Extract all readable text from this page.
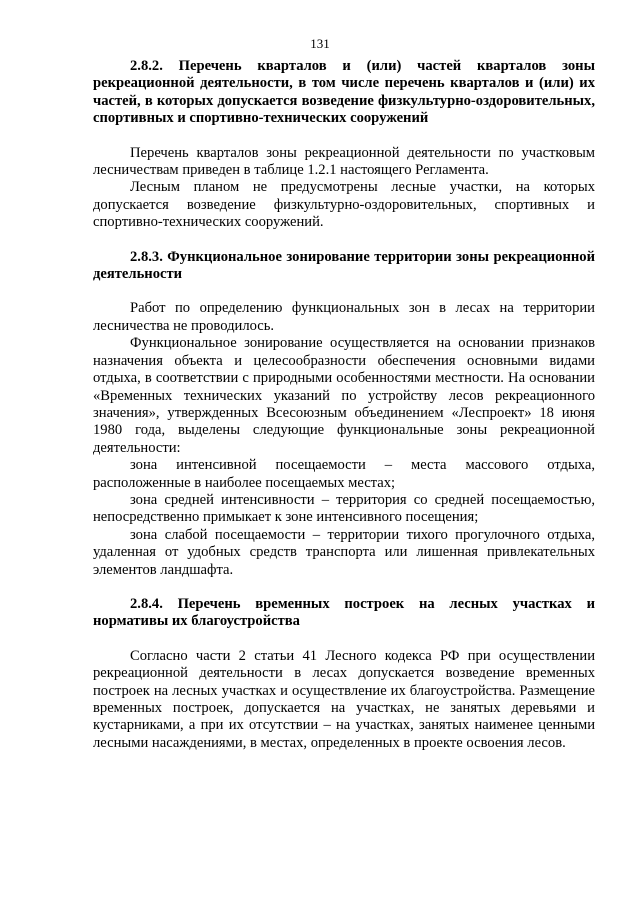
131
2.8.2. Перечень кварталов и (или) частей кварталов зоны рекреационной деятельности, в том числе перечень кварталов и (или) их частей, в которых допускается возведение физкультурно-оздоровительных, спортивных и спортивно-технических сооружений

Перечень кварталов зоны рекреационной деятельности по участковым лесничествам приведен в таблице 1.2.1 настоящего Регламента.

Лесным планом не предусмотрены лесные участки, на которых допускается возведение физкультурно-оздоровительных, спортивных и спортивно-технических сооружений.

2.8.3. Функциональное зонирование территории зоны рекреационной деятельности

Работ по определению функциональных зон в лесах на территории лесничества не проводилось.

Функциональное зонирование осуществляется на основании признаков назначения объекта и целесообразности обеспечения основными видами отдыха, в соответствии с природными особенностями местности. На основании «Временных технических указаний по устройству лесов рекреационного значения», утвержденных Всесоюзным объединением «Леспроект» 18 июня 1980 года, выделены следующие функциональные зоны рекреационной деятельности:

зона интенсивной посещаемости – места массового отдыха, расположенные в наиболее посещаемых местах;

зона средней интенсивности – территория со средней посещаемостью, непосредственно примыкает к зоне интенсивного посещения;

зона слабой посещаемости – территории тихого прогулочного отдыха, удаленная от удобных средств транспорта или лишенная привлекательных элементов ландшафта.

2.8.4. Перечень временных построек на лесных участках и нормативы их благоустройства

Согласно части 2 статьи 41 Лесного кодекса РФ при осуществлении рекреационной деятельности в лесах допускается возведение временных построек на лесных участках и осуществление их благоустройства. Размещение временных построек, допускается на участках, не занятых деревьями и кустарниками, а при их отсутствии – на участках, занятых наименее ценными лесными насаждениями, в местах, определенных в проекте освоения лесов.
